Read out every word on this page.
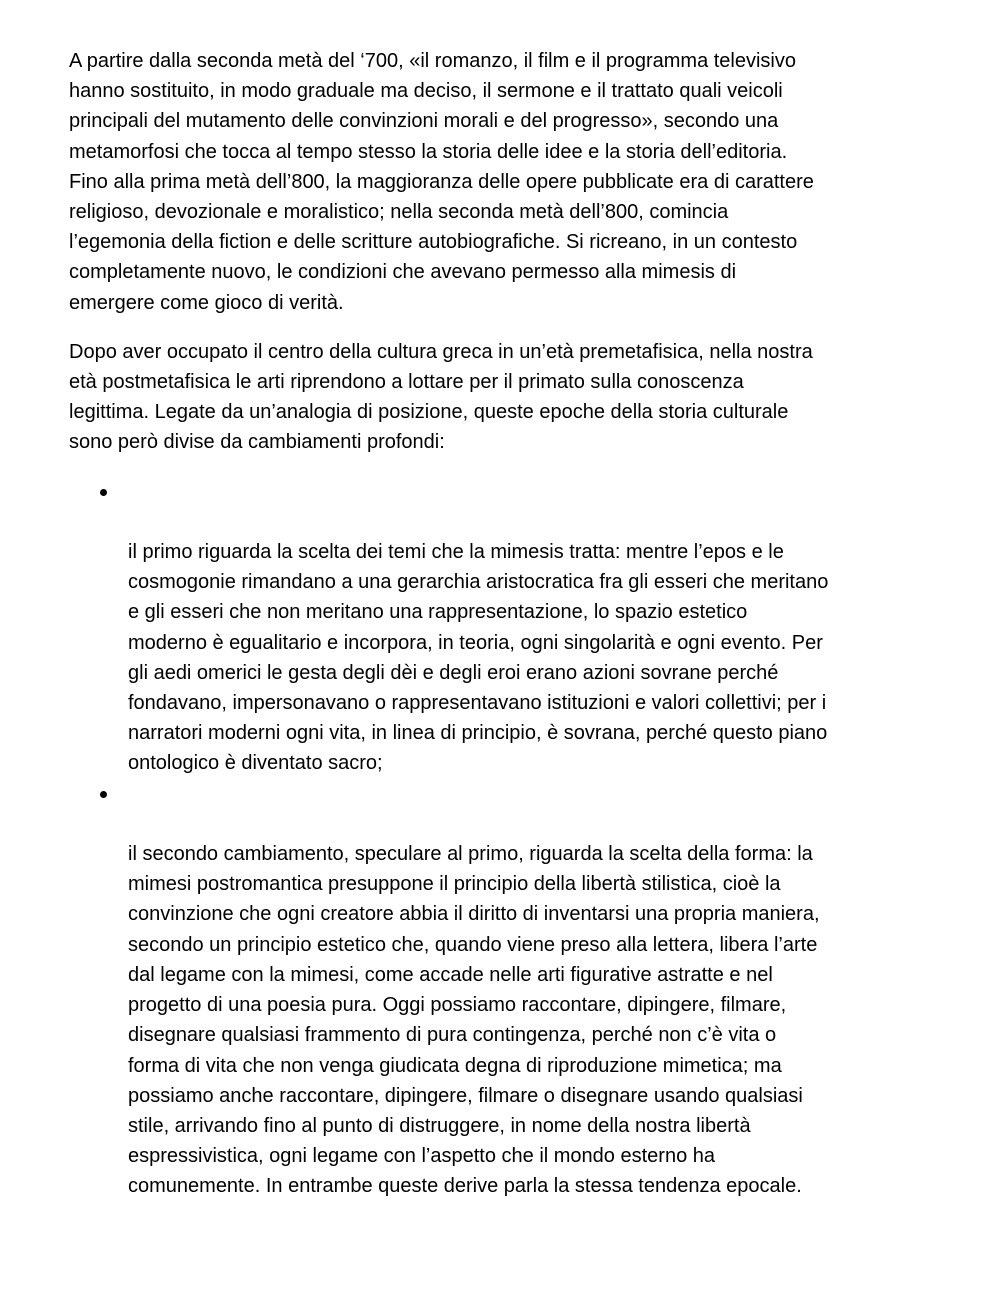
A partire dalla seconda metà del ‘700, «il romanzo, il film e il programma televisivo
hanno sostituito, in modo graduale ma deciso, il sermone e il trattato quali veicoli
principali del mutamento delle convinzioni morali e del progresso», secondo una
metamorfosi che tocca al tempo stesso la storia delle idee e la storia dell’editoria.
Fino alla prima metà dell’800, la maggioranza delle opere pubblicate era di carattere
religioso, devozionale e moralistico; nella seconda metà dell’800, comincia
l’egemonia della fiction e delle scritture autobiografiche. Si ricreano, in un contesto
completamente nuovo, le condizioni che avevano permesso alla mimesis di
emergere come gioco di verità.

Dopo aver occupato il centro della cultura greca in un’età premetafisica, nella nostra
età postmetafisica le arti riprendono a lottare per il primato sulla conoscenza
legittima. Legate da un’analogia di posizione, queste epoche della storia culturale
sono però divise da cambiamenti profondi:

il primo riguarda la scelta dei temi che la mimesis tratta: mentre l’epos e le
cosmogonie rimandano a una gerarchia aristocratica fra gli esseri che meritano
e gli esseri che non meritano una rappresentazione, lo spazio estetico
moderno è egualitario e incorpora, in teoria, ogni singolarità e ogni evento. Per
gli aedi omerici le gesta degli dèi e degli eroi erano azioni sovrane perché
fondavano, impersonavano o rappresentavano istituzioni e valori collettivi; per i
narratori moderni ogni vita, in linea di principio, è sovrana, perché questo piano
ontologico è diventato sacro;

il secondo cambiamento, speculare al primo, riguarda la scelta della forma: la
mimesi postromantica presuppone il principio della libertà stilistica, cioè la
convinzione che ogni creatore abbia il diritto di inventarsi una propria maniera,
secondo un principio estetico che, quando viene preso alla lettera, libera l’arte
dal legame con la mimesi, come accade nelle arti figurative astratte e nel
progetto di una poesia pura. Oggi possiamo raccontare, dipingere, filmare,
disegnare qualsiasi frammento di pura contingenza, perché non c’è vita o
forma di vita che non venga giudicata degna di riproduzione mimetica; ma
possiamo anche raccontare, dipingere, filmare o disegnare usando qualsiasi
stile, arrivando fino al punto di distruggere, in nome della nostra libertà
espressivistica, ogni legame con l’aspetto che il mondo esterno ha
comunemente. In entrambe queste derive parla la stessa tendenza epocale.
